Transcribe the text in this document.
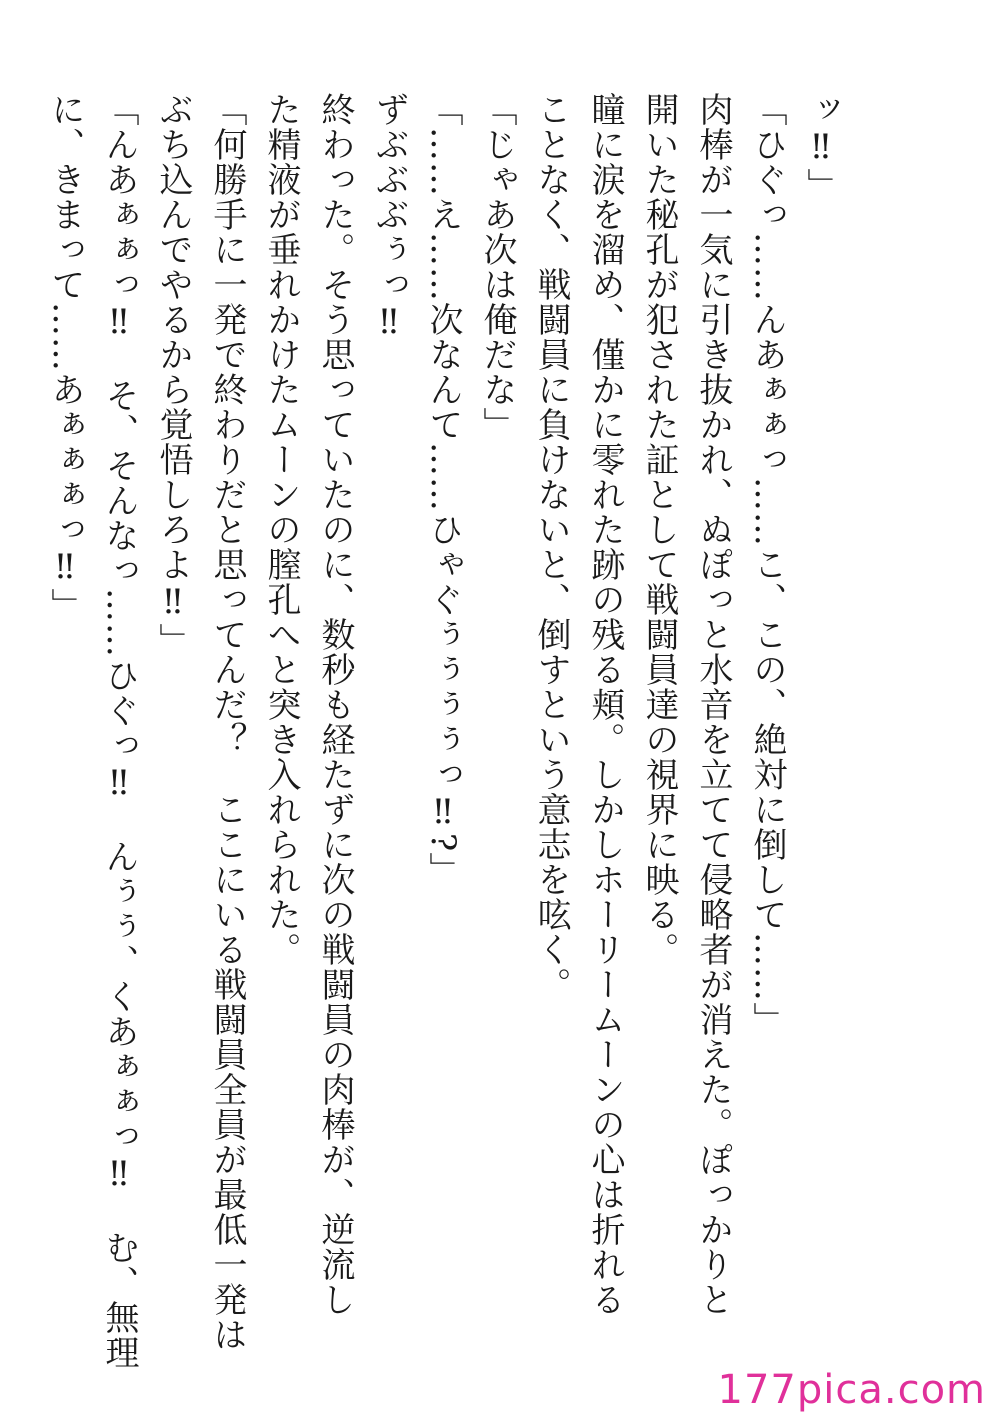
ッ‼」

「ひぐっ……んあぁぁっ……こ、この、絶対に倒して……」

肉棒が一気に引き抜かれ、ぬぽっと水音を立てて侵略者が消えた。ぽっかりと

開いた秘孔が犯された証として戦闘員達の視界に映る。

瞳に涙を溜め、僅かに零れた跡の残る頬。しかしホーリームーンの心は折れる

ことなく、戦闘員に負けないと、倒すという意志を呟く。

「じゃあ次は俺だな」

「……え……次なんて……ひゃぐぅぅぅぅっ‼?」

ずぶぶぶぅっ‼

終わった。そう思っていたのに、数秒も経たずに次の戦闘員の肉棒が、逆流し

た精液が垂れかけたムーンの膣孔へと突き入れられた。

「何勝手に一発で終わりだと思ってんだ？　ここにいる戦闘員全員が最低一発は

ぶち込んでやるから覚悟しろよ‼」

「んあぁぁっ‼　そ、そんなっ……ひぐっ‼　んぅぅ、くあぁぁっ‼　む、無理

に、きまって……あぁぁぁっ‼」

177pica.com
